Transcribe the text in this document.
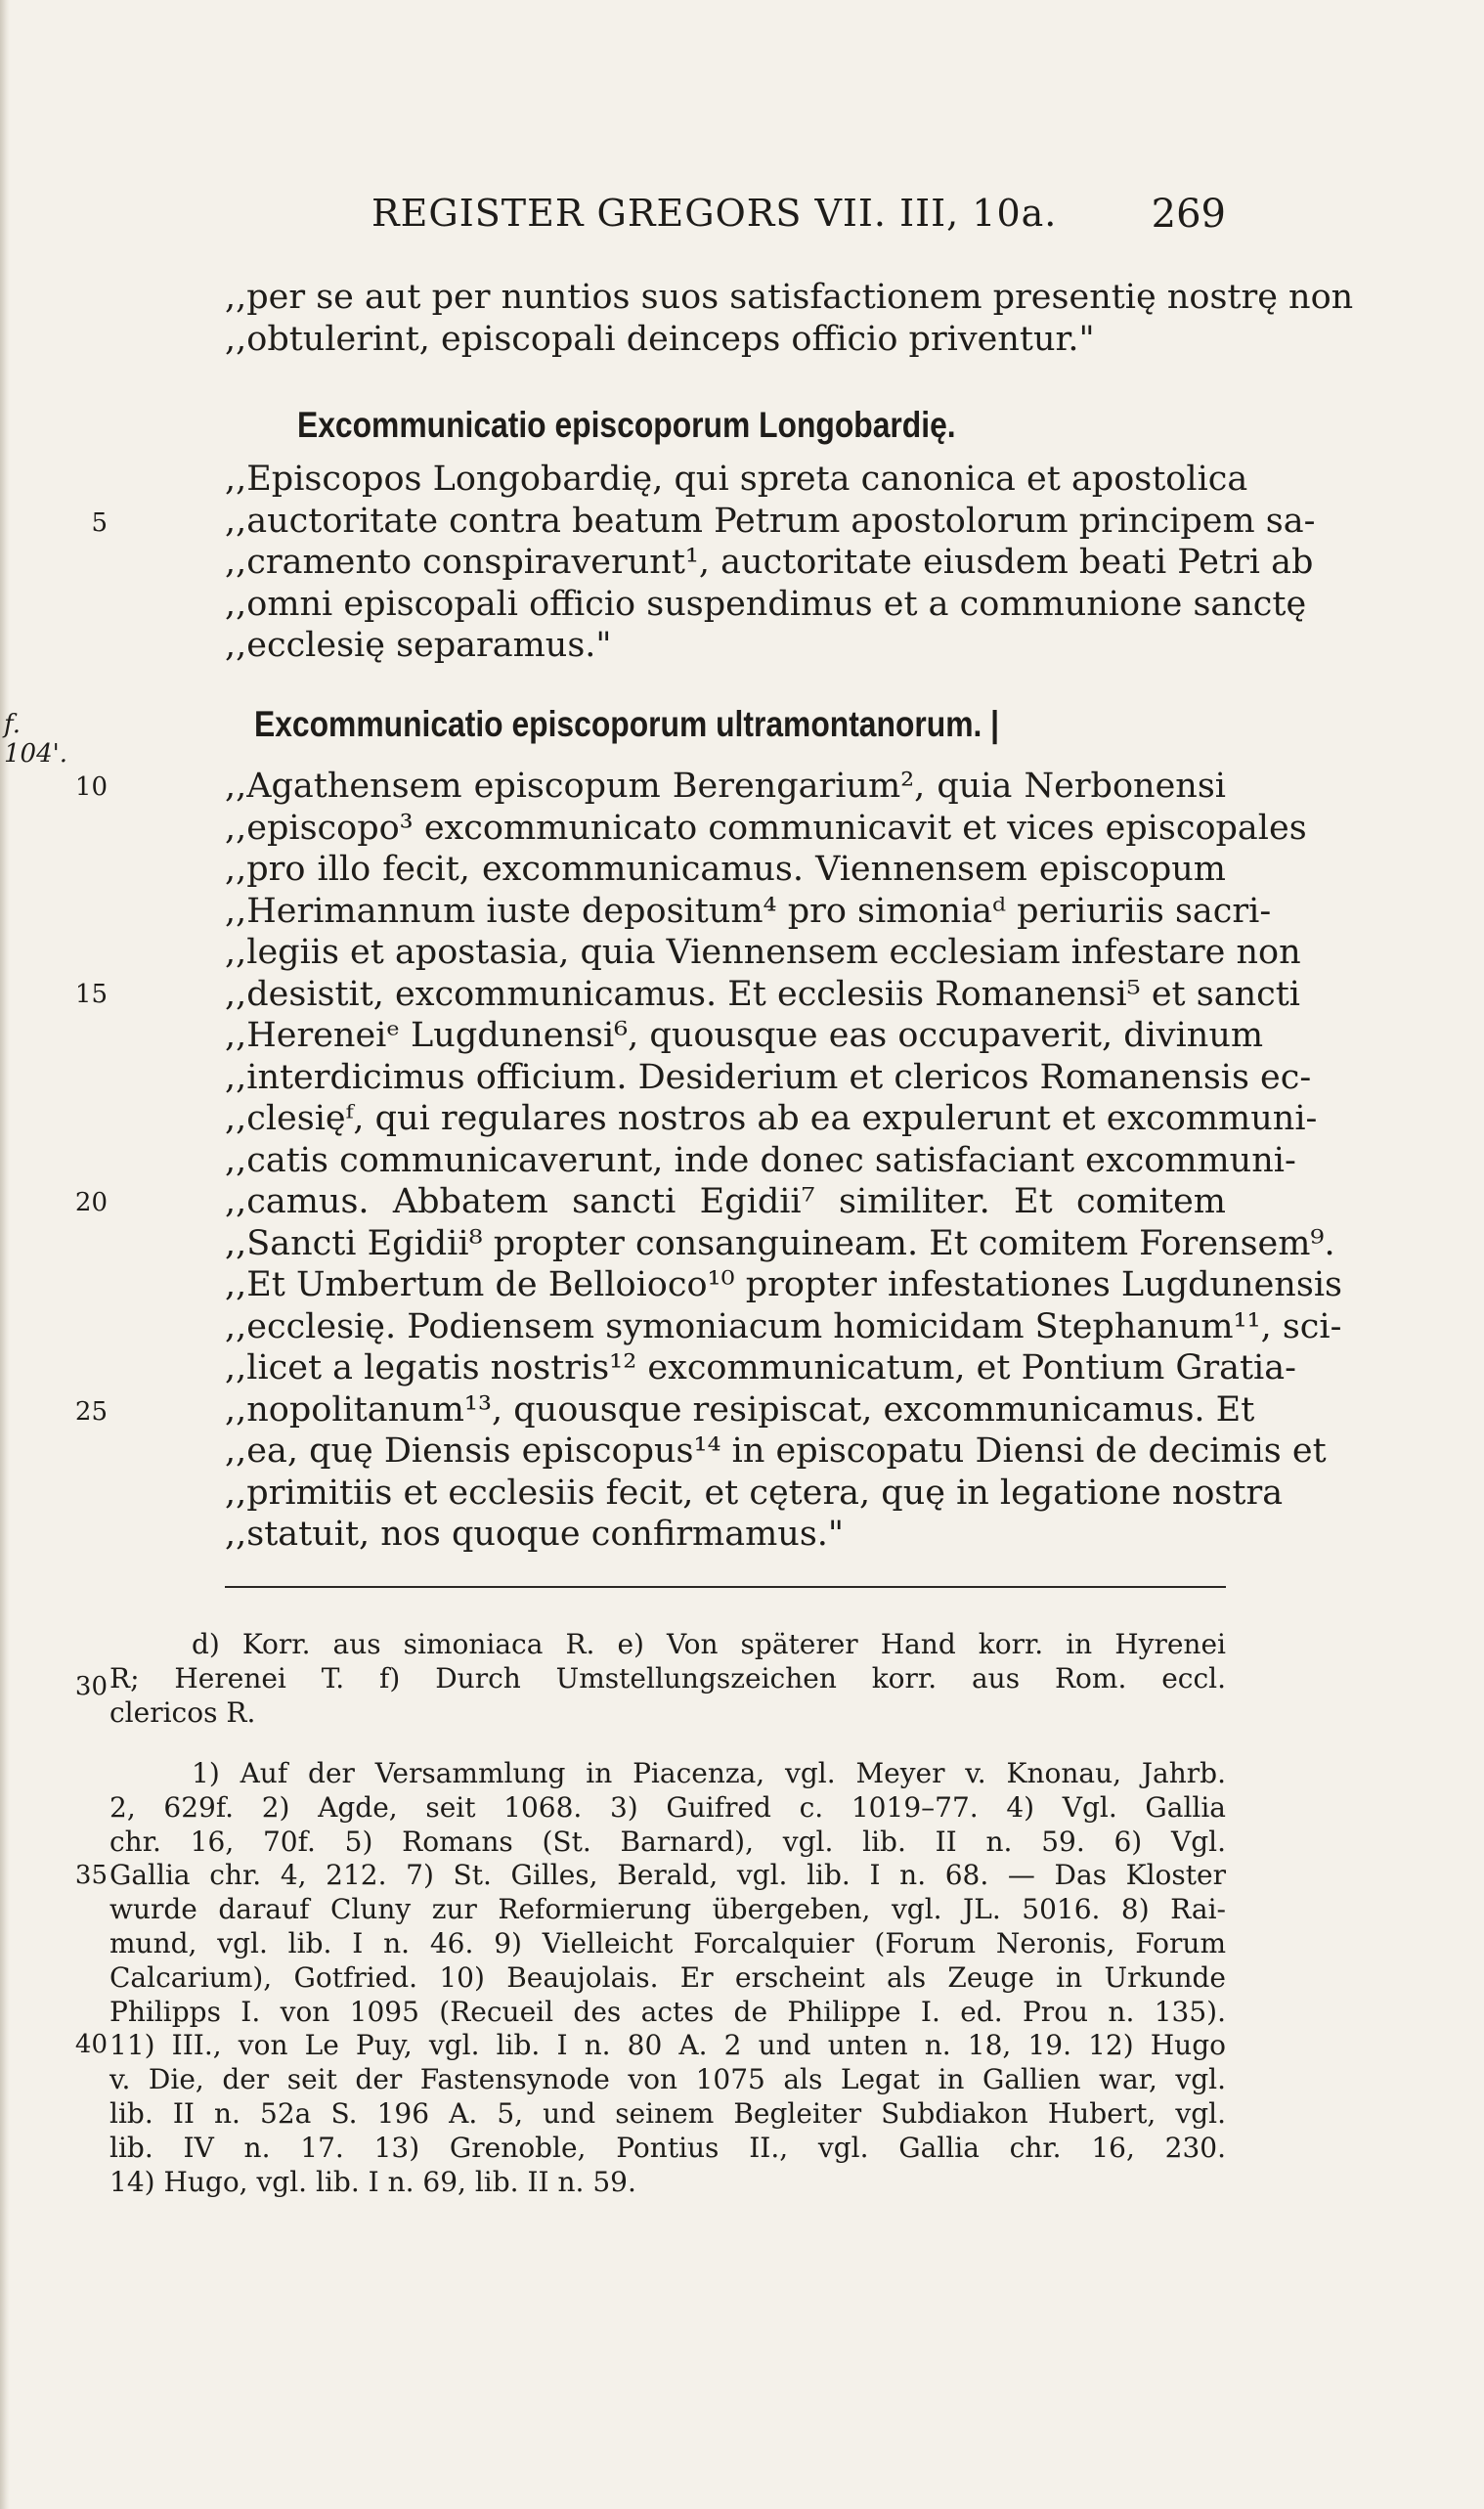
REGISTER GREGORS VII. III, 10a. 269
,,per se aut per nuntios suos satisfactionem presentię nostrę non
,,obtulerint, episcopali deinceps officio priventur."
Excommunicatio episcoporum Longobardię.
,,Episcopos Longobardię, qui spreta canonica et apostolica
,,auctoritate contra beatum Petrum apostolorum principem sa-
,,cramento conspiraverunt¹, auctoritate eiusdem beati Petri ab
,,omni episcopali officio suspendimus et a communione sanctę
,,ecclesię separamus."
f. 104'.
Excommunicatio episcoporum ultramontanorum. |
,,Agathensem episcopum Berengarium², quia Nerbonensi
,,episcopo³ excommunicato communicavit et vices episcopales
,,pro illo fecit, excommunicamus. Viennensem episcopum
,,Herimannum iuste depositum⁴ pro simoniaᵈ periuriis sacri-
,,legiis et apostasia, quia Viennensem ecclesiam infestare non
,,desistit, excommunicamus. Et ecclesiis Romanensi⁵ et sancti
,,Hereneiᵉ Lugdunensi⁶, quousque eas occupaverit, divinum
,,interdicimus officium. Desiderium et clericos Romanensis ec-
,,clesięᶠ, qui regulares nostros ab ea expulerunt et excommuni-
,,catis communicaverunt, inde donec satisfaciant excommuni-
,,camus. Abbatem sancti Egidii⁷ similiter. Et comitem
,,Sancti Egidii⁸ propter consanguineam. Et comitem Forensem⁹.
,,Et Umbertum de Belloioco¹⁰ propter infestationes Lugdunensis
,,ecclesię. Podiensem symoniacum homicidam Stephanum¹¹, sci-
,,licet a legatis nostris¹² excommunicatum, et Pontium Gratia-
,,nopolitanum¹³, quousque resipiscat, excommunicamus. Et
,,ea, quę Diensis episcopus¹⁴ in episcopatu Diensi de decimis et
,,primitiis et ecclesiis fecit, et cętera, quę in legatione nostra
,,statuit, nos quoque confirmamus."
5
10
15
20
25
30
35
40
d) Korr. aus simoniaca R. e) Von späterer Hand korr. in Hyrenei
R; Herenei T. f) Durch Umstellungszeichen korr. aus Rom. eccl.
clericos R.
1) Auf der Versammlung in Piacenza, vgl. Meyer v. Knonau, Jahrb.
2, 629f. 2) Agde, seit 1068. 3) Guifred c. 1019–77. 4) Vgl. Gallia
chr. 16, 70f. 5) Romans (St. Barnard), vgl. lib. II n. 59. 6) Vgl.
Gallia chr. 4, 212. 7) St. Gilles, Berald, vgl. lib. I n. 68. — Das Kloster
wurde darauf Cluny zur Reformierung übergeben, vgl. JL. 5016. 8) Rai-
mund, vgl. lib. I n. 46. 9) Vielleicht Forcalquier (Forum Neronis, Forum
Calcarium), Gotfried. 10) Beaujolais. Er erscheint als Zeuge in Urkunde
Philipps I. von 1095 (Recueil des actes de Philippe I. ed. Prou n. 135).
11) III., von Le Puy, vgl. lib. I n. 80 A. 2 und unten n. 18, 19. 12) Hugo
v. Die, der seit der Fastensynode von 1075 als Legat in Gallien war, vgl.
lib. II n. 52a S. 196 A. 5, und seinem Begleiter Subdiakon Hubert, vgl.
lib. IV n. 17. 13) Grenoble, Pontius II., vgl. Gallia chr. 16, 230.
14) Hugo, vgl. lib. I n. 69, lib. II n. 59.
